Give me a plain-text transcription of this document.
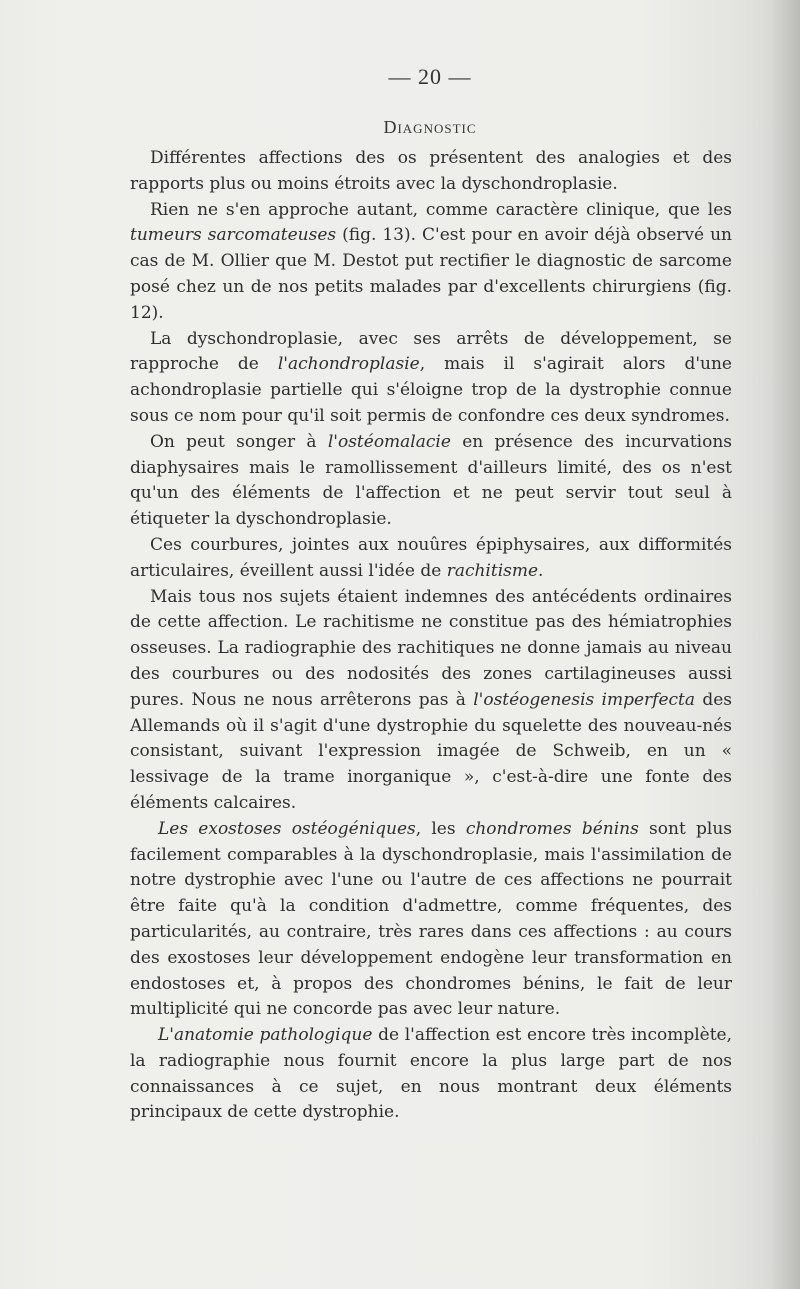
— 20 —
Diagnostic

Différentes affections des os présentent des analogies et des rapports plus ou moins étroits avec la dyschondroplasie.

Rien ne s'en approche autant, comme caractère clinique, que les tumeurs sarcomateuses (fig. 13). C'est pour en avoir déjà observé un cas de M. Ollier que M. Destot put rectifier le diagnostic de sarcome posé chez un de nos petits malades par d'excellents chirurgiens (fig. 12).

La dyschondroplasie, avec ses arrêts de développement, se rapproche de l'achondroplasie, mais il s'agirait alors d'une achondroplasie partielle qui s'éloigne trop de la dystrophie connue sous ce nom pour qu'il soit permis de confondre ces deux syndromes.

On peut songer à l'ostéomalacie en présence des incurvations diaphysaires mais le ramollissement d'ailleurs limité, des os n'est qu'un des éléments de l'affection et ne peut servir tout seul à étiqueter la dyschondroplasie.

Ces courbures, jointes aux nouûres épiphysaires, aux difformités articulaires, éveillent aussi l'idée de rachitisme.

Mais tous nos sujets étaient indemnes des antécédents ordinaires de cette affection. Le rachitisme ne constitue pas des hémiatrophies osseuses. La radiographie des rachitiques ne donne jamais au niveau des courbures ou des nodosités des zones cartilagineuses aussi pures. Nous ne nous arrêterons pas à l'ostéogenesis imperfecta des Allemands où il s'agit d'une dystrophie du squelette des nouveau-nés consistant, suivant l'expression imagée de Schweib, en un « lessivage de la trame inorganique », c'est-à-dire une fonte des éléments calcaires.

Les exostoses ostéogéniques, les chondromes bénins sont plus facilement comparables à la dyschondroplasie, mais l'assimilation de notre dystrophie avec l'une ou l'autre de ces affections ne pourrait être faite qu'à la condition d'admettre, comme fréquentes, des particularités, au contraire, très rares dans ces affections : au cours des exostoses leur développement endogène leur transformation en endostoses et, à propos des chondromes bénins, le fait de leur multiplicité qui ne concorde pas avec leur nature.

L'anatomie pathologique de l'affection est encore très incomplète, la radiographie nous fournit encore la plus large part de nos connaissances à ce sujet, en nous montrant deux éléments principaux de cette dystrophie.
